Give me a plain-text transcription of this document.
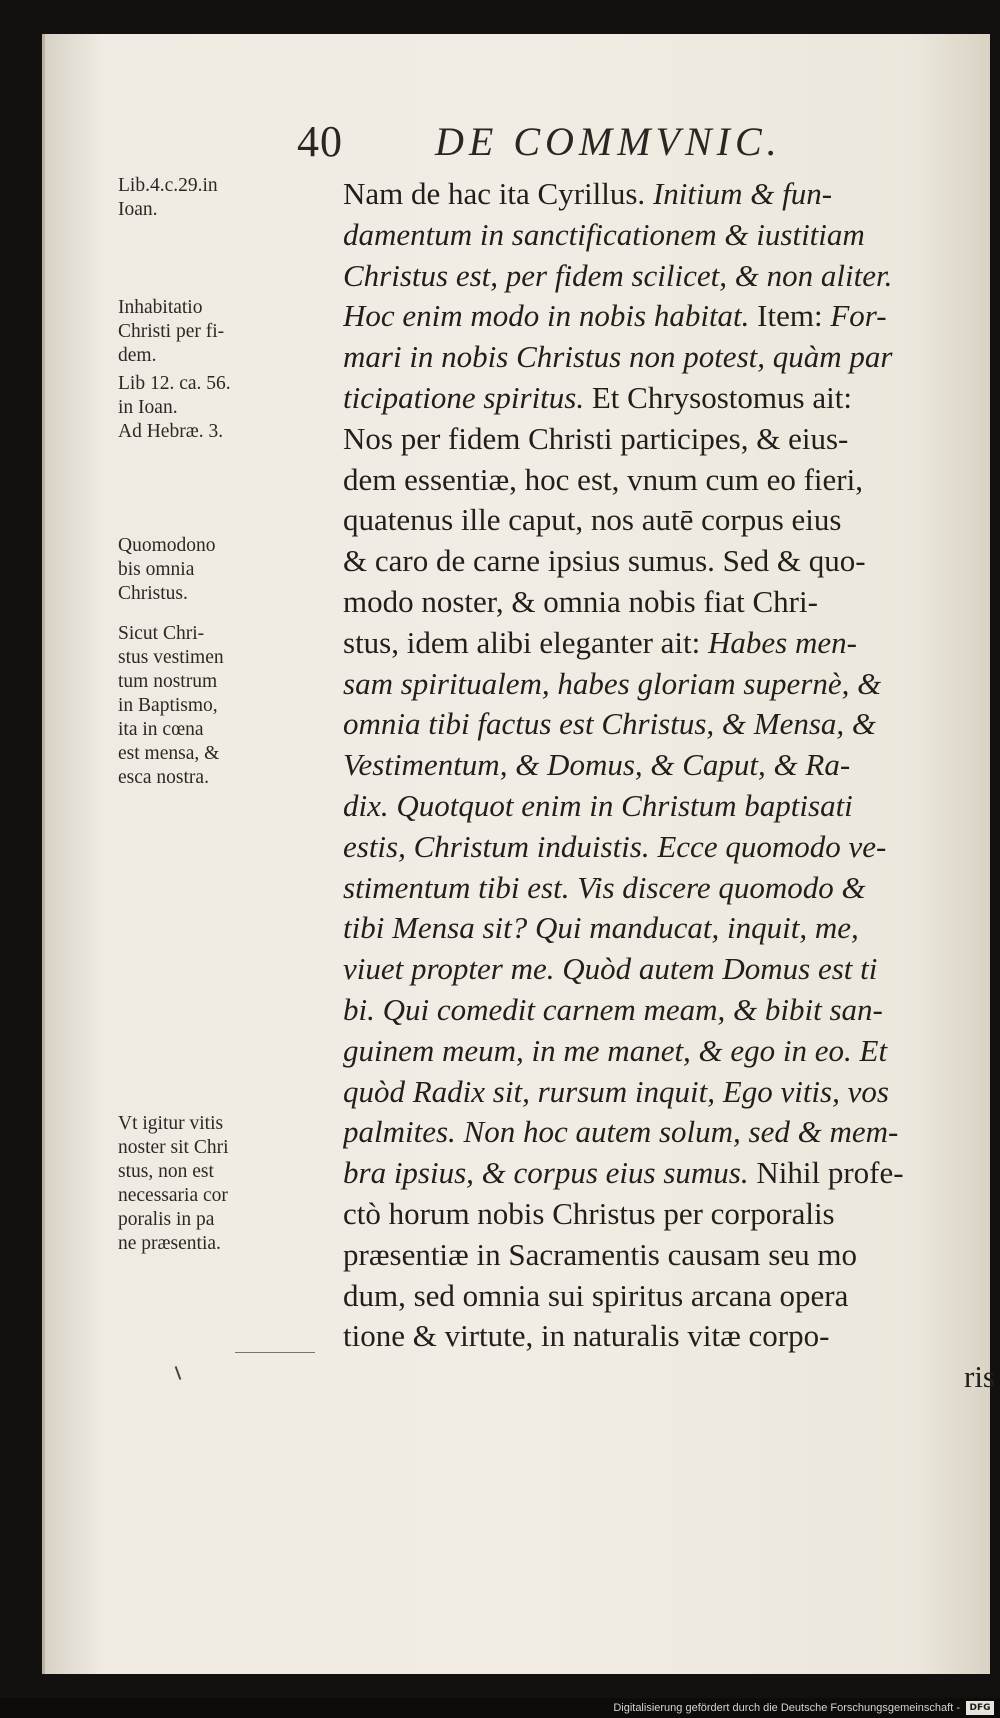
40 DE COMMVNIC.
Lib.4.c.29.in
Ioan.
Inhabitatio
Christi per fi-
dem.
Lib 12. ca. 56.
in Ioan.
Ad Hebræ. 3.
Quomodono
bis omnia
Christus.
Sicut Chri-
stus vestimen
tum nostrum
in Baptismo,
ita in cœna
est mensa, &
esca nostra.
Vt igitur vitis
noster sit Chri
stus, non est
necessaria cor
poralis in pa
ne præsentia.
Nam de hac ita Cyrillus. Initium & fun-
damentum in sanctificationem & iustitiam
Christus est, per fidem scilicet, & non aliter.
Hoc enim modo in nobis habitat. Item: For-
mari in nobis Christus non potest, quàm par
ticipatione spiritus. Et Chrysostomus ait:
Nos per fidem Christi participes, & eius-
dem essentiæ, hoc est, vnum cum eo fieri,
quatenus ille caput, nos autē corpus eius
& caro de carne ipsius sumus. Sed & quo-
modo noster, & omnia nobis fiat Chri-
stus, idem alibi eleganter ait: Habes men-
sam spiritualem, habes gloriam supernè, &
omnia tibi factus est Christus, & Mensa, &
Vestimentum, & Domus, & Caput, & Ra-
dix. Quotquot enim in Christum baptisati
estis, Christum induistis. Ecce quomodo ve-
stimentum tibi est. Vis discere quomodo &
tibi Mensa sit? Qui manducat, inquit, me,
viuet propter me. Quòd autem Domus est ti
bi. Qui comedit carnem meam, & bibit san-
guinem meum, in me manet, & ego in eo. Et
quòd Radix sit, rursum inquit, Ego vitis, vos
palmites. Non hoc autem solum, sed & mem-
bra ipsius, & corpus eius sumus. Nihil profe-
ctò horum nobis Christus per corporalis
præsentiæ in Sacramentis causam seu mo
dum, sed omnia sui spiritus arcana opera
tione & virtute, in naturalis vitæ corpo-
ris
Digitalisierung gefördert durch die Deutsche Forschungsgemeinschaft -	DFG
